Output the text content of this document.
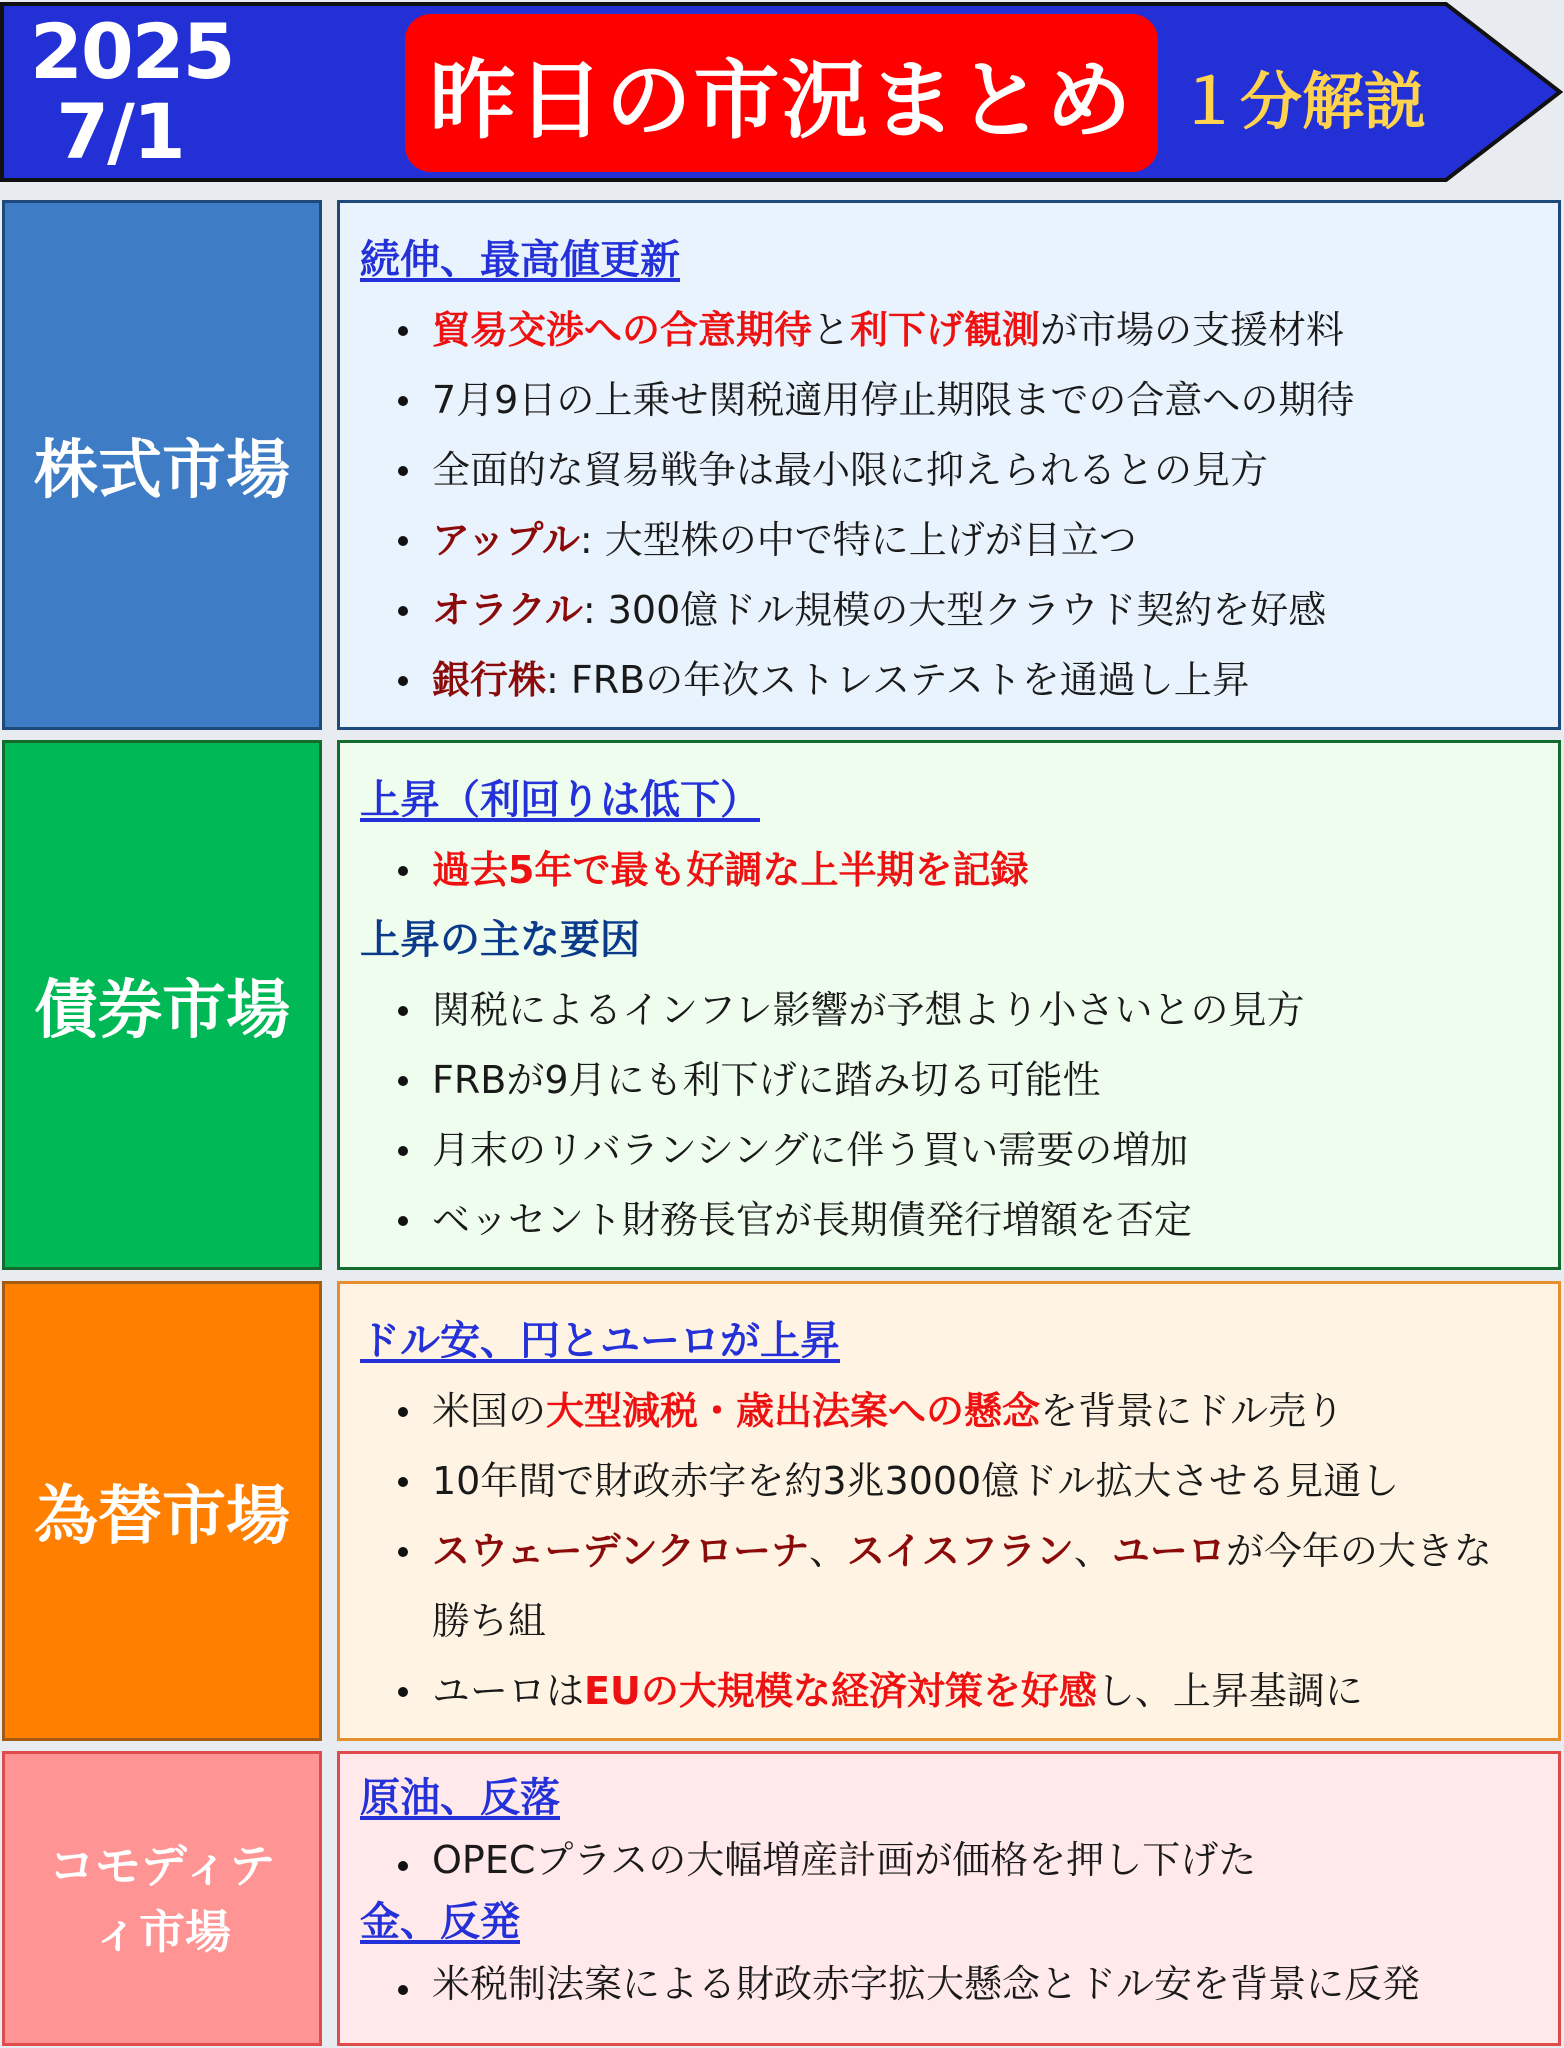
2025
7/1	昨日の市況まとめ １分解説
株式市場
続伸、最高値更新
貿易交渉への合意期待と利下げ観測が市場の支援材料
7月9日の上乗せ関税適用停止期限までの合意への期待
全面的な貿易戦争は最小限に抑えられるとの見方
アップル: 大型株の中で特に上げが目立つ
オラクル: 300億ドル規模の大型クラウド契約を好感
銀行株: FRBの年次ストレステストを通過し上昇
債券市場
上昇（利回りは低下）
過去5年で最も好調な上半期を記録
上昇の主な要因
関税によるインフレ影響が予想より小さいとの見方
FRBが9月にも利下げに踏み切る可能性
月末のリバランシングに伴う買い需要の増加
ベッセント財務長官が長期債発行増額を否定
為替市場
ドル安、円とユーロが上昇
米国の大型減税・歳出法案への懸念を背景にドル売り
10年間で財政赤字を約3兆3000億ドル拡大させる見通し
スウェーデンクローナ、スイスフラン、ユーロが今年の大きな勝ち組
ユーロはEUの大規模な経済対策を好感し、上昇基調に
コモディティ市場
原油、反落
OPECプラスの大幅増産計画が価格を押し下げた
金、反発
米税制法案による財政赤字拡大懸念とドル安を背景に反発
